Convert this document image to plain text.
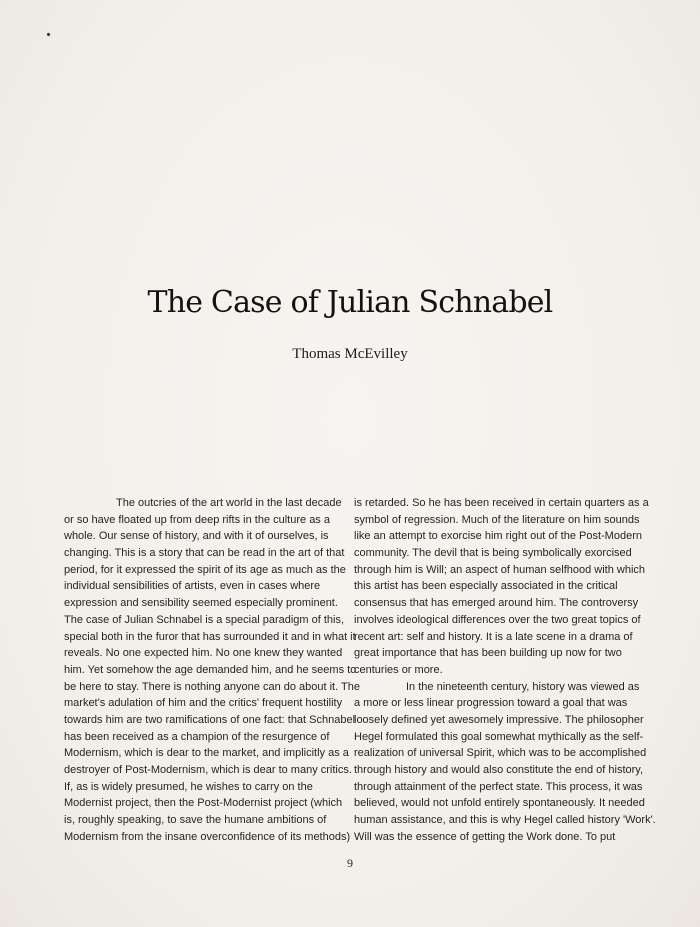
The Case of Julian Schnabel
Thomas McEvilley
The outcries of the art world in the last decade
or so have floated up from deep rifts in the culture as a
whole. Our sense of history, and with it of ourselves, is
changing. This is a story that can be read in the art of that
period, for it expressed the spirit of its age as much as the
individual sensibilities of artists, even in cases where
expression and sensibility seemed especially prominent.
The case of Julian Schnabel is a special paradigm of this,
special both in the furor that has surrounded it and in what it
reveals. No one expected him. No one knew they wanted
him. Yet somehow the age demanded him, and he seems to
be here to stay. There is nothing anyone can do about it. The
market's adulation of him and the critics' frequent hostility
towards him are two ramifications of one fact: that Schnabel
has been received as a champion of the resurgence of
Modernism, which is dear to the market, and implicitly as a
destroyer of Post-Modernism, which is dear to many critics.
If, as is widely presumed, he wishes to carry on the
Modernist project, then the Post-Modernist project (which
is, roughly speaking, to save the humane ambitions of
Modernism from the insane overconfidence of its methods)
is retarded. So he has been received in certain quarters as a
symbol of regression. Much of the literature on him sounds
like an attempt to exorcise him right out of the Post-Modern
community. The devil that is being symbolically exorcised
through him is Will; an aspect of human selfhood with which
this artist has been especially associated in the critical
consensus that has emerged around him. The controversy
involves ideological differences over the two great topics of
recent art: self and history. It is a late scene in a drama of
great importance that has been building up now for two
centuries or more.
In the nineteenth century, history was viewed as
a more or less linear progression toward a goal that was
loosely defined yet awesomely impressive. The philosopher
Hegel formulated this goal somewhat mythically as the self-
realization of universal Spirit, which was to be accomplished
through history and would also constitute the end of history,
through attainment of the perfect state. This process, it was
believed, would not unfold entirely spontaneously. It needed
human assistance, and this is why Hegel called history 'Work'.
Will was the essence of getting the Work done. To put
9
